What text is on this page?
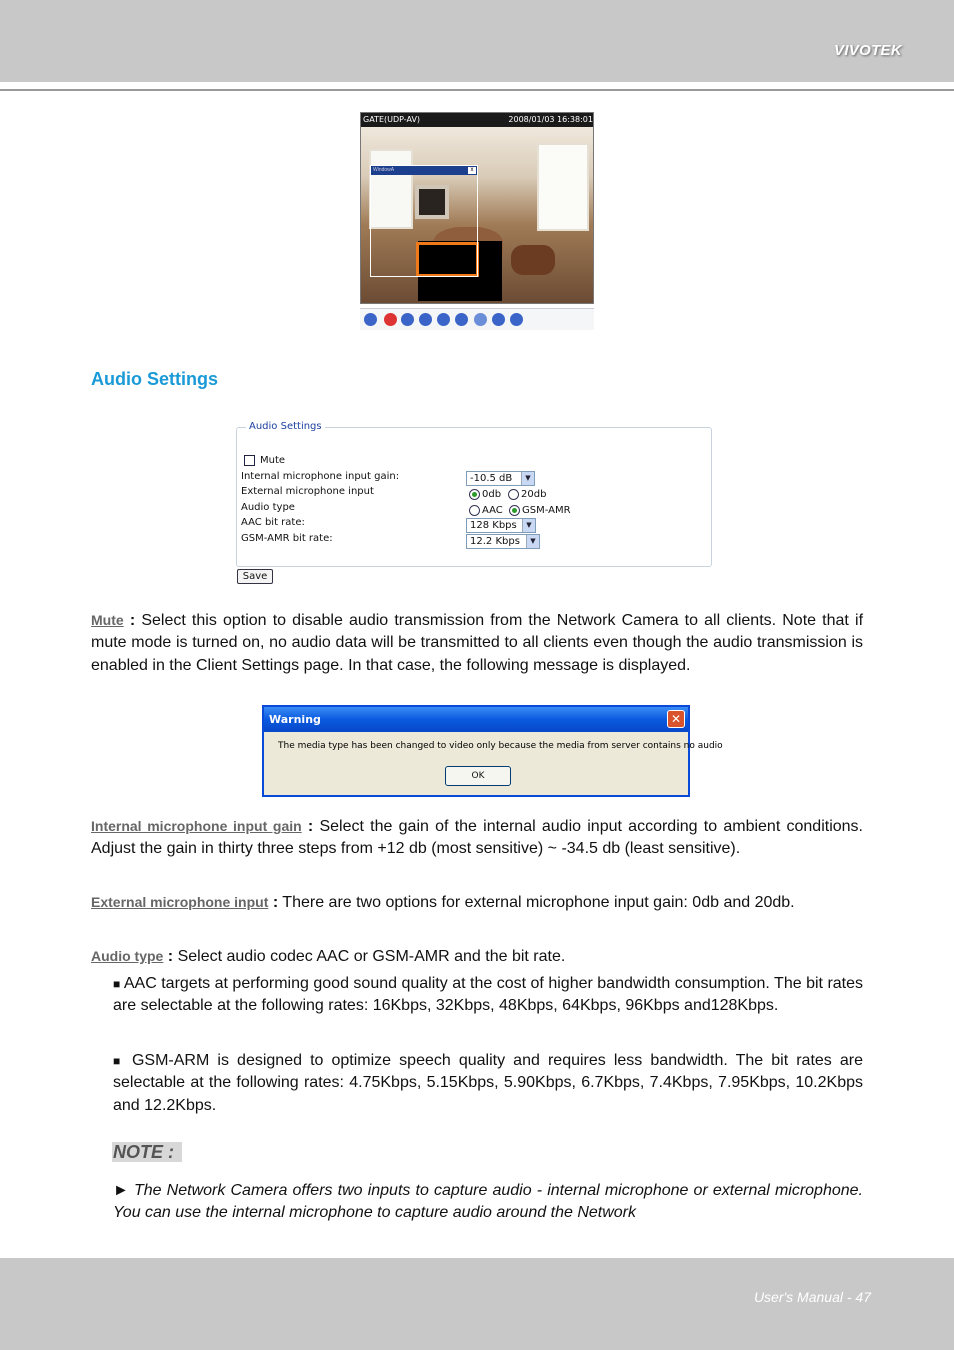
VIVOTEK
GATE(UDP-AV)	2008/01/03 16:38:01
WindowA	x
Audio Settings
Audio Settings
Mute
Internal microphone input gain:	-10.5 dB	▼
External microphone input	0db 20db
Audio type	AAC GSM-AMR
AAC bit rate:	128 Kbps	▼
GSM-AMR bit rate:	12.2 Kbps	▼
Save
Mute : Select this option to disable audio transmission from the Network Camera to all clients. Note that if mute mode is turned on, no audio data will be transmitted to all clients even though the audio transmission is enabled in the Client Settings page. In that case, the following message is displayed.
Warning	✕
The media type has been changed to video only because the media from server contains no audio
OK
Internal microphone input gain : Select the gain of the internal audio input according to ambient conditions. Adjust the gain in thirty three steps from +12 db (most sensitive) ~ -34.5 db (least sensitive).
External microphone input : There are two options for external microphone input gain: 0db and 20db.
Audio type : Select audio codec AAC or GSM-AMR and the bit rate.
■ AAC targets at performing good sound quality at the cost of higher bandwidth consumption. The bit rates are selectable at the following rates: 16Kbps, 32Kbps, 48Kbps, 64Kbps, 96Kbps and128Kbps.
■ GSM-ARM is designed to optimize speech quality and requires less bandwidth. The bit rates are selectable at the following rates: 4.75Kbps, 5.15Kbps, 5.90Kbps, 6.7Kbps, 7.4Kbps, 7.95Kbps, 10.2Kbps and 12.2Kbps.
NOTE :
► The Network Camera offers two inputs to capture audio - internal microphone or external microphone. You can use the internal microphone to capture audio around the Network
User's Manual - 47
